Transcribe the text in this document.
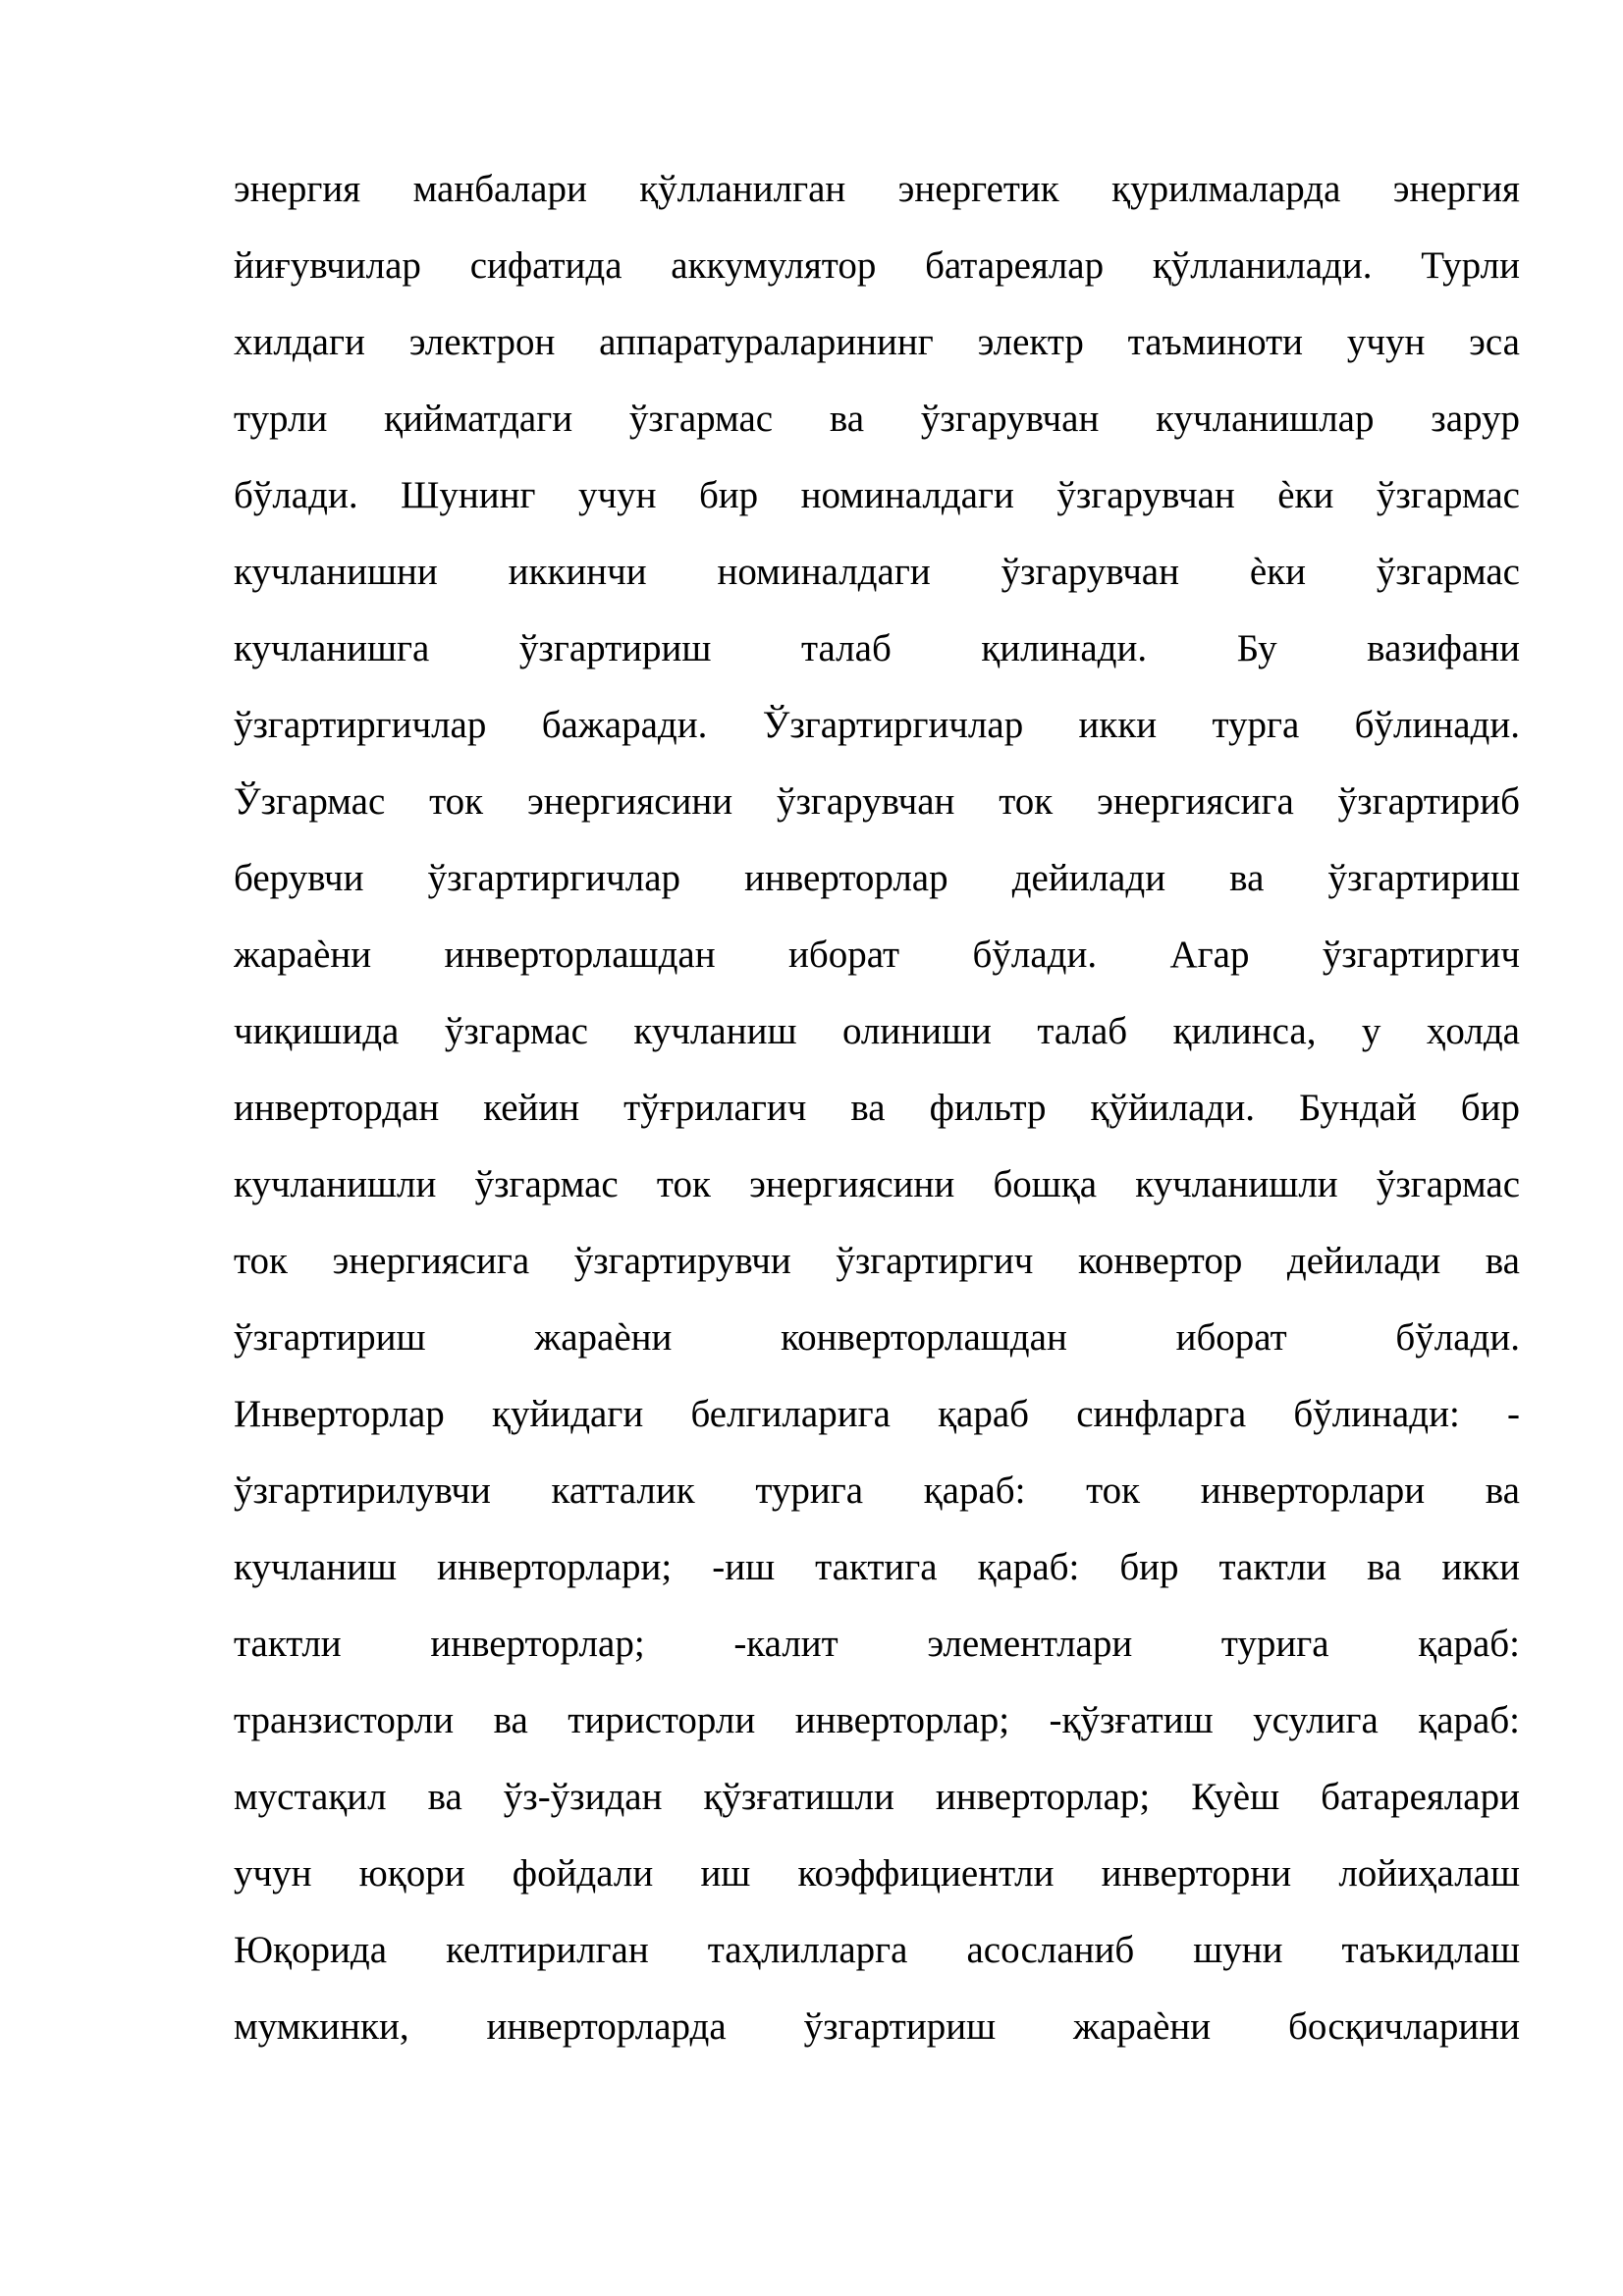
энергия манбалари қўлланилган энергетик қурилмаларда энергия
йиғувчилар сифатида аккумулятор батареялар қўлланилади. Турли
хилдаги электрон аппаратураларининг электр таъминоти учун эса
турли қийматдаги ўзгармас ва ўзгарувчан кучланишлар зарур
бўлади. Шунинг учун бир номиналдаги ўзгарувчан ѐки ўзгармас
кучланишни иккинчи номиналдаги ўзгарувчан ѐки ўзгармас
кучланишга ўзгартириш талаб қилинади. Бу вазифани
ўзгартиргичлар бажаради. Ўзгартиргичлар икки турга бўлинади.
Ўзгармас ток энергиясини ўзгарувчан ток энергиясига ўзгартириб
берувчи ўзгартиргичлар инверторлар дейилади ва ўзгартириш
жараѐни инверторлашдан иборат бўлади. Агар ўзгартиргич
чиқишида ўзгармас кучланиш олиниши талаб қилинса, у ҳолда
инвертордан кейин тўғрилагич ва фильтр қўйилади. Бундай бир
кучланишли ўзгармас ток энергиясини бошқа кучланишли ўзгармас
ток энергиясига ўзгартирувчи ўзгартиргич конвертор дейилади ва
ўзгартириш жараѐни конверторлашдан иборат бўлади.
Инверторлар қуйидаги белгиларига қараб синфларга бўлинади: -
ўзгартирилувчи катталик турига қараб: ток инверторлари ва
кучланиш инверторлари; -иш тактига қараб: бир тактли ва икки
тактли инверторлар; -калит элементлари турига қараб:
транзисторли ва тиристорли инверторлар; -қўзғатиш усулига қараб:
мустақил ва ўз-ўзидан қўзғатишли инверторлар; Куѐш батареялари
учун юқори фойдали иш коэффициентли инверторни лойиҳалаш
Юқорида келтирилган таҳлилларга асосланиб шуни таъкидлаш
мумкинки, инверторларда ўзгартириш жараѐни босқичларини
